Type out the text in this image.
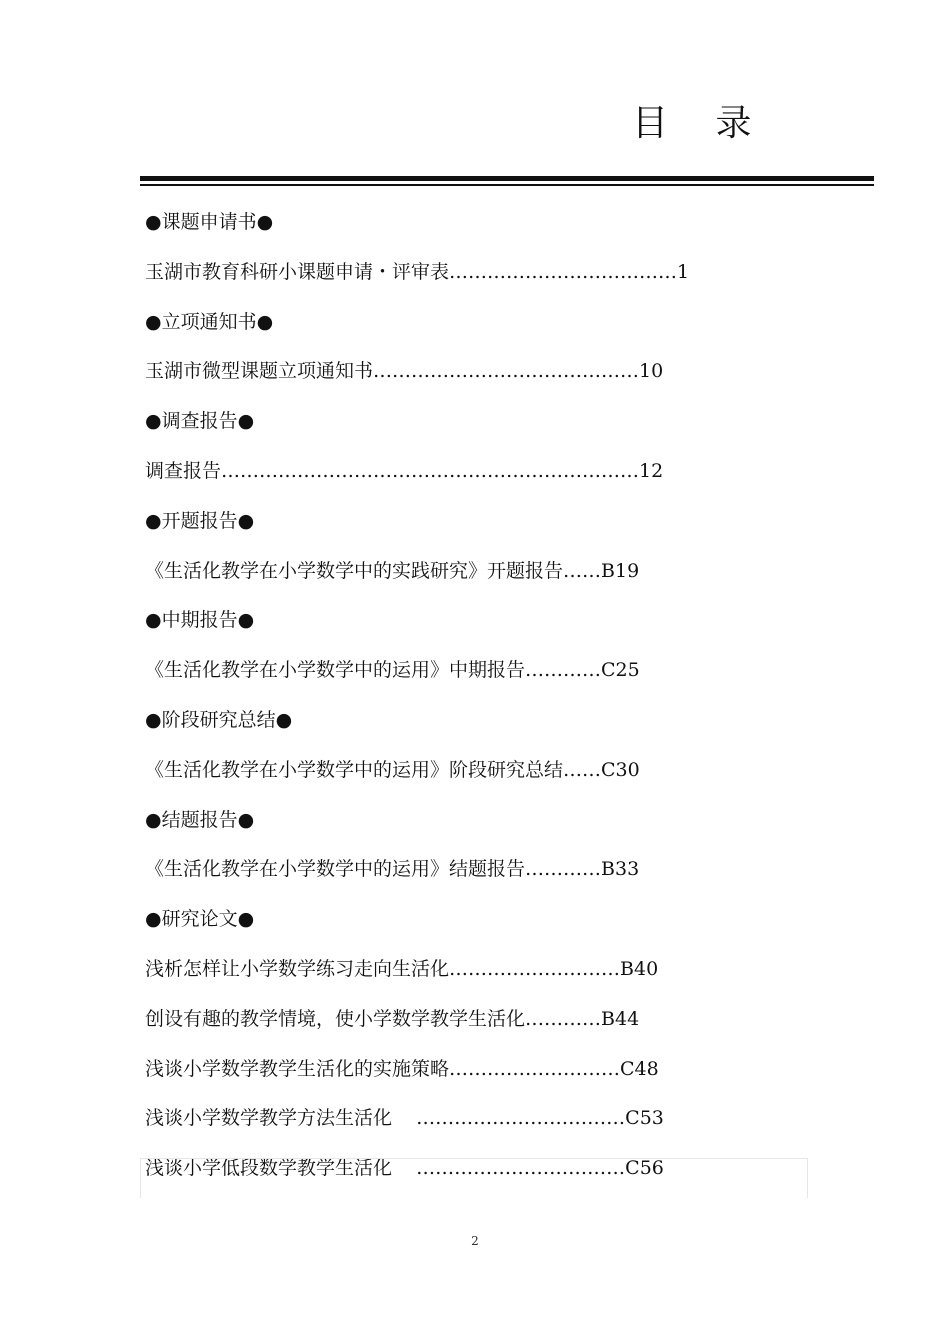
目 录
●课题申请书●
玉湖市教育科研小课题申请・评审表 ……………………………… 1
●立项通知书●
玉湖市微型课题立项通知书 …………………………………… 10
●调查报告●
调查报告 ………………………………………………………… 12
●开题报告●
《生活化教学在小学数学中的实践研究》开题报告 …… B19
●中期报告●
《生活化教学在小学数学中的运用》中期报告 ………… C25
●阶段研究总结●
《生活化教学在小学数学中的运用》阶段研究总结 …… C30
●结题报告●
《生活化教学在小学数学中的运用》结题报告 ………… B33
●研究论文●
浅析怎样让小学数学练习走向生活化 ……………………… B40
创设有趣的教学情境，使小学数学教学生活化 ………… B44
浅谈小学数学教学生活化的实施策略 ……………………… C48
浅谈小学数学教学方法生活化 …………………………… C53
浅谈小学低段数学教学生活化 …………………………… C56
2
